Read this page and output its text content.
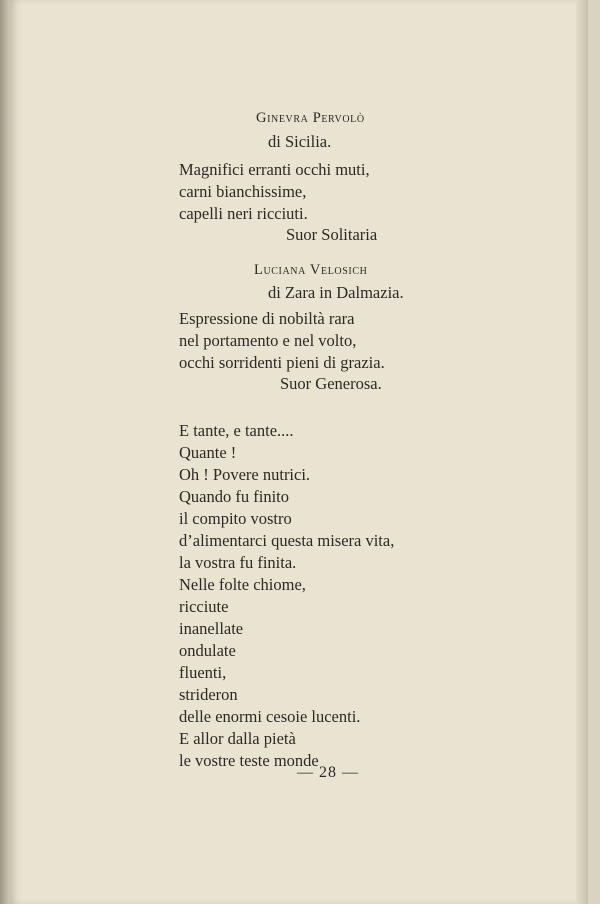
Ginevra Pervolò
di Sicilia.
Magnifici erranti occhi muti,
carni bianchissime,
capelli neri ricciuti.
Suor Solitaria
Luciana Velosich
di Zara in Dalmazia.
Espressione di nobiltà rara
nel portamento e nel volto,
occhi sorridenti pieni di grazia.
Suor Generosa.
E tante, e tante....
Quante !
Oh ! Povere nutrici.
Quando fu finito
il compito vostro
d’alimentarci questa misera vita,
la vostra fu finita.
Nelle folte chiome,
ricciute
inanellate
ondulate
fluenti,
strideron
delle enormi cesoie lucenti.
E allor dalla pietà
le vostre teste monde
— 28 —
